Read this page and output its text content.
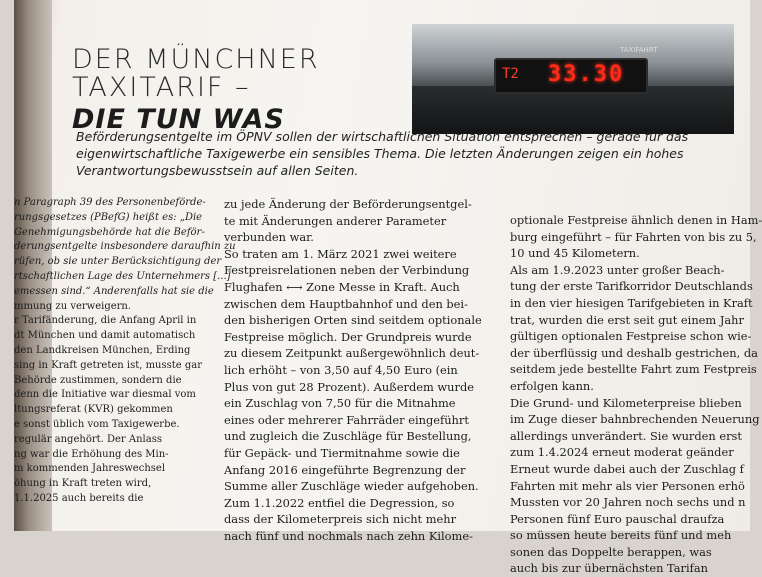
DER MÜNCHNER
TAXITARIF –
DIE TUN WAS
T2 33.30
TAXIFAHRT
Beförderungsentgelte im ÖPNV sollen der wirtschaftlichen Situation entsprechen – gerade für das eigenwirtschaftliche Taxigewerbe ein sensibles Thema. Die letzten Änderungen zeigen ein hohes Verantwortungsbewusstsein auf allen Seiten.
n Paragraph 39 des Personenbeförde-
rungsgesetzes (PBefG) heißt es: „Die
Genehmigungsbehörde hat die Beför-
derungsentgelte insbesondere daraufhin zu
rüfen, ob sie unter Berücksichtigung der
rtschaftlichen Lage des Unternehmers [...]
emessen sind.“ Anderenfalls hat sie die
mmung zu verweigern.
r Tarifänderung, die Anfang April in
dt München und damit automatisch
den Landkreisen München, Erding
sing in Kraft getreten ist, musste gar
Behörde zustimmen, sondern die
denn die Initiative war diesmal vom
ltungsreferat (KVR) gekommen
e sonst üblich vom Taxigewerbe.
regulär angehört. Der Anlass
ng war die Erhöhung des Min-
m kommenden Jahreswechsel
öhung in Kraft treten wird,
1.1.2025 auch bereits die
zu jede Änderung der Beförderungsentgel-
te mit Änderungen anderer Parameter
verbunden war.
So traten am 1. März 2021 zwei weitere
Festpreisrelationen neben der Verbindung
Flughafen ⟷ Zone Messe in Kraft. Auch
zwischen dem Hauptbahnhof und den bei-
den bisherigen Orten sind seitdem optionale
Festpreise möglich. Der Grundpreis wurde
zu diesem Zeitpunkt außergewöhnlich deut-
lich erhöht – von 3,50 auf 4,50 Euro (ein
Plus von gut 28 Prozent). Außerdem wurde
ein Zuschlag von 7,50 für die Mitnahme
eines oder mehrerer Fahrräder eingeführt
und zugleich die Zuschläge für Bestellung,
für Gepäck- und Tiermitnahme sowie die
Anfang 2016 eingeführte Begrenzung der
Summe aller Zuschläge wieder aufgehoben.
Zum 1.1.2022 entfiel die Degression, so
dass der Kilometerpreis sich nicht mehr
nach fünf und nochmals nach zehn Kilome-
optionale Festpreise ähnlich denen in Ham-
burg eingeführt – für Fahrten von bis zu 5,
10 und 45 Kilometern.
Als am 1.9.2023 unter großer Beach-
tung der erste Tarifkorridor Deutschlands
in den vier hiesigen Tarifgebieten in Kraft
trat, wurden die erst seit gut einem Jahr
gültigen optionalen Festpreise schon wie-
der überflüssig und deshalb gestrichen, da
seitdem jede bestellte Fahrt zum Festpreis
erfolgen kann.
Die Grund- und Kilometerpreise blieben
im Zuge dieser bahnbrechenden Neuerung
allerdings unverändert. Sie wurden erst
zum 1.4.2024 erneut moderat geänder
Erneut wurde dabei auch der Zuschlag f
Fahrten mit mehr als vier Personen erhö
Mussten vor 20 Jahren noch sechs und n
Personen fünf Euro pauschal draufza
so müssen heute bereits fünf und meh
sonen das Doppelte berappen, was
auch bis zur übernächsten Tarifan
